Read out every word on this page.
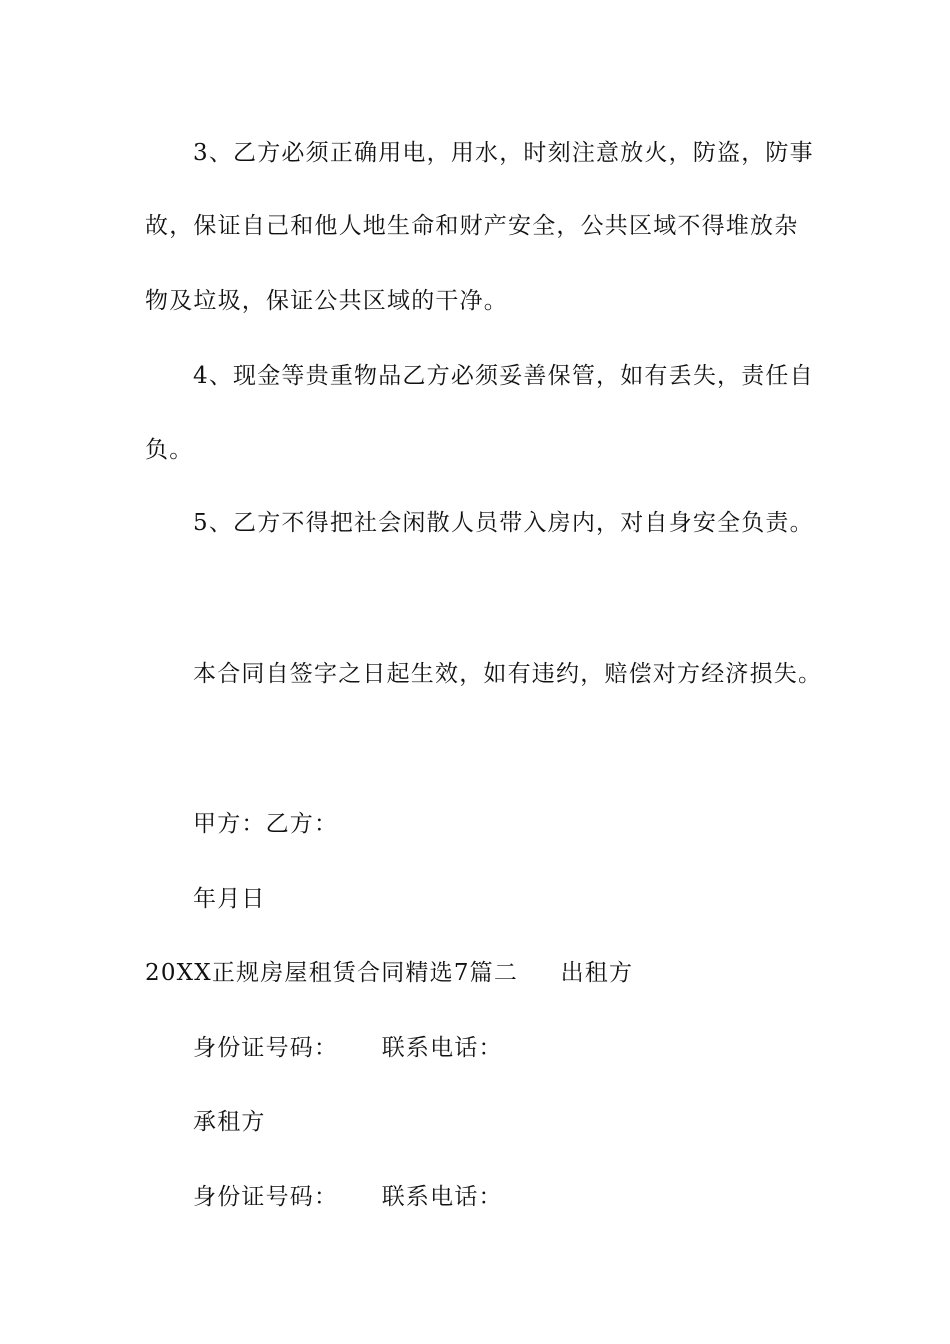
3、乙方必须正确用电，用水，时刻注意放火，防盗，防事
故，保证自己和他人地生命和财产安全，公共区域不得堆放杂
物及垃圾，保证公共区域的干净。
4、现金等贵重物品乙方必须妥善保管，如有丢失，责任自
负。
5、乙方不得把社会闲散人员带入房内，对自身安全负责。
本合同自签字之日起生效，如有违约，赔偿对方经济损失。
甲方：乙方：
年月日
20XX正规房屋租赁合同精选7篇二 出租方
身份证号码： 联系电话：
承租方
身份证号码： 联系电话：
